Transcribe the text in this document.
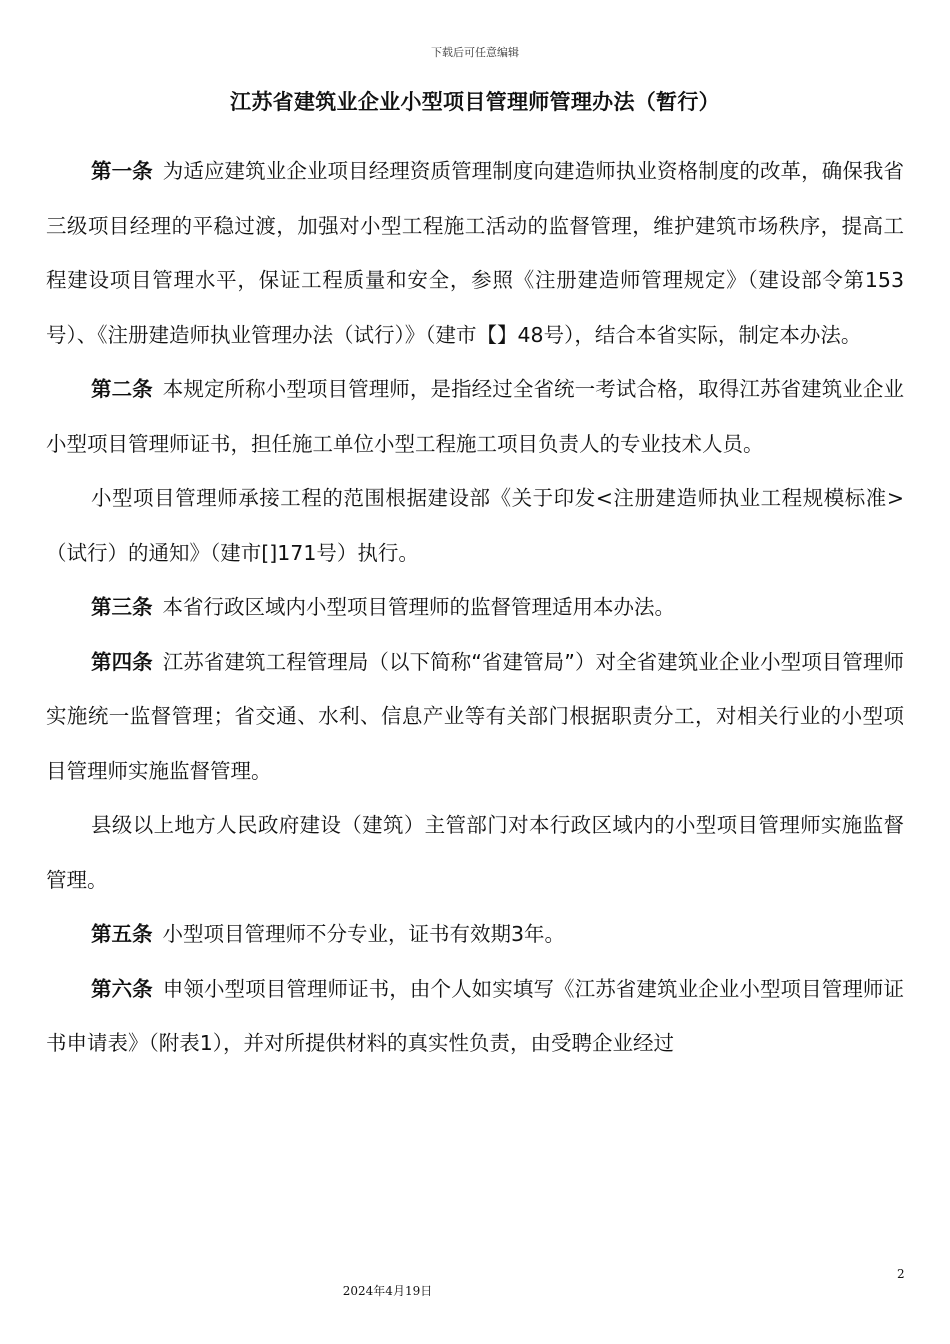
下载后可任意编辑
江苏省建筑业企业小型项目管理师管理办法（暂行）

第一条 为适应建筑业企业项目经理资质管理制度向建造师执业资格制度的改革，确保我省三级项目经理的平稳过渡，加强对小型工程施工活动的监督管理，维护建筑市场秩序，提高工程建设项目管理水平，保证工程质量和安全，参照《注册建造师管理规定》（建设部令第153号）、《注册建造师执业管理办法（试行）》（建市【】48号），结合本省实际，制定本办法。

第二条 本规定所称小型项目管理师，是指经过全省统一考试合格，取得江苏省建筑业企业小型项目管理师证书，担任施工单位小型工程施工项目负责人的专业技术人员。

小型项目管理师承接工程的范围根据建设部《关于印发<注册建造师执业工程规模标准>（试行）的通知》（建市[]171号）执行。

第三条 本省行政区域内小型项目管理师的监督管理适用本办法。

第四条 江苏省建筑工程管理局（以下简称“省建管局”）对全省建筑业企业小型项目管理师实施统一监督管理；省交通、水利、信息产业等有关部门根据职责分工，对相关行业的小型项目管理师实施监督管理。

县级以上地方人民政府建设（建筑）主管部门对本行政区域内的小型项目管理师实施监督管理。

第五条 小型项目管理师不分专业，证书有效期3年。

第六条 申领小型项目管理师证书，由个人如实填写《江苏省建筑业企业小型项目管理师证书申请表》（附表1），并对所提供材料的真实性负责，由受聘企业经过

2
2024年4月19日
